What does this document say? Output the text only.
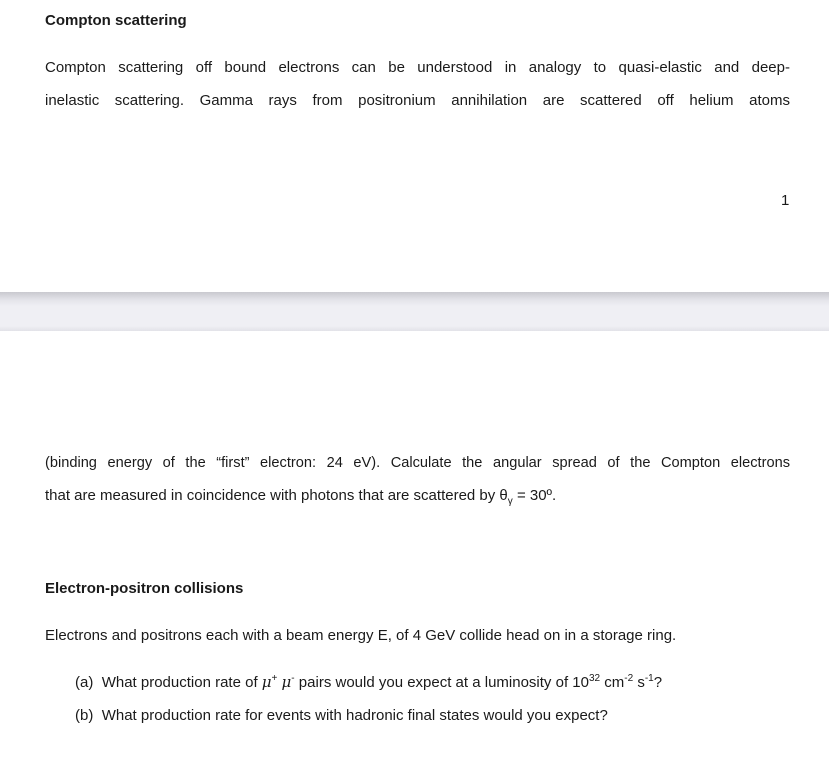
Compton scattering
Compton scattering off bound electrons can be understood in analogy to quasi-elastic and deep-
inelastic scattering. Gamma rays from positronium annihilation are scattered off helium atoms
1
(binding energy of the “first” electron: 24 eV). Calculate the angular spread of the Compton electrons
that are measured in coincidence with photons that are scattered by $\theta_\gamma$ = 30º.
Electron-positron collisions
Electrons and positrons each with a beam energy E, of 4 GeV collide head on in a storage ring.
(a) What production rate of μ+ μ- pairs would you expect at a luminosity of $10^{32}$ $cm^{-2}$ $s^{-1}$?
(b) What production rate for events with hadronic final states would you expect?
